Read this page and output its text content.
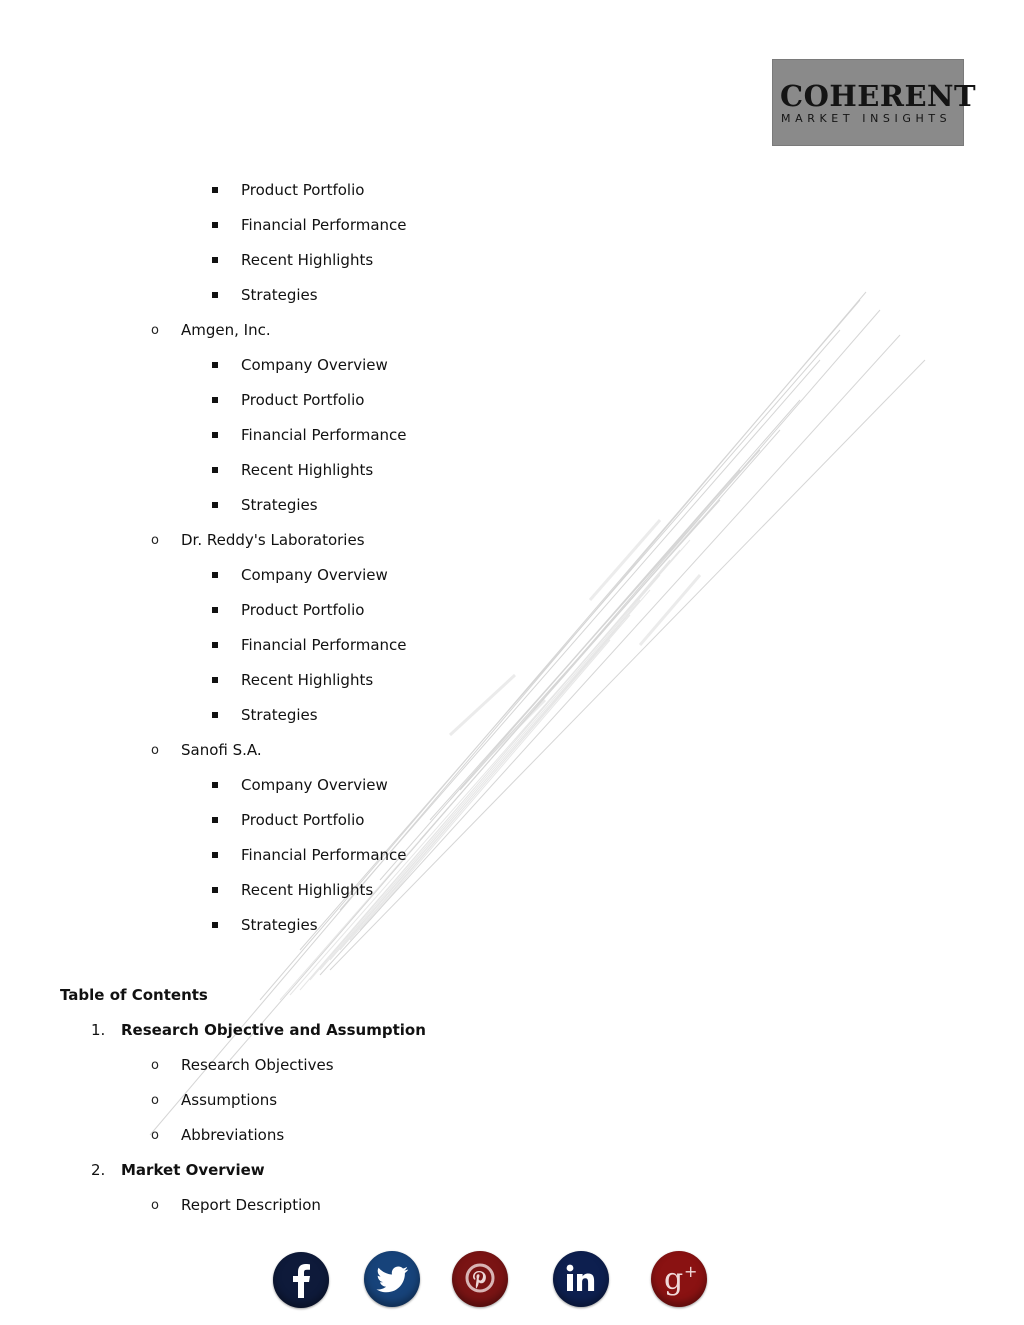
COHERENT
MARKET INSIGHTS
Product Portfolio
Financial Performance
Recent Highlights
Strategies
o Amgen, Inc.
Company Overview
Product Portfolio
Financial Performance
Recent Highlights
Strategies
o Dr. Reddy's Laboratories
Company Overview
Product Portfolio
Financial Performance
Recent Highlights
Strategies
o Sanofi S.A.
Company Overview
Product Portfolio
Financial Performance
Recent Highlights
Strategies
Table of Contents
1. Research Objective and Assumption
o Research Objectives
o Assumptions
o Abbreviations
2. Market Overview
o Report Description
g +
